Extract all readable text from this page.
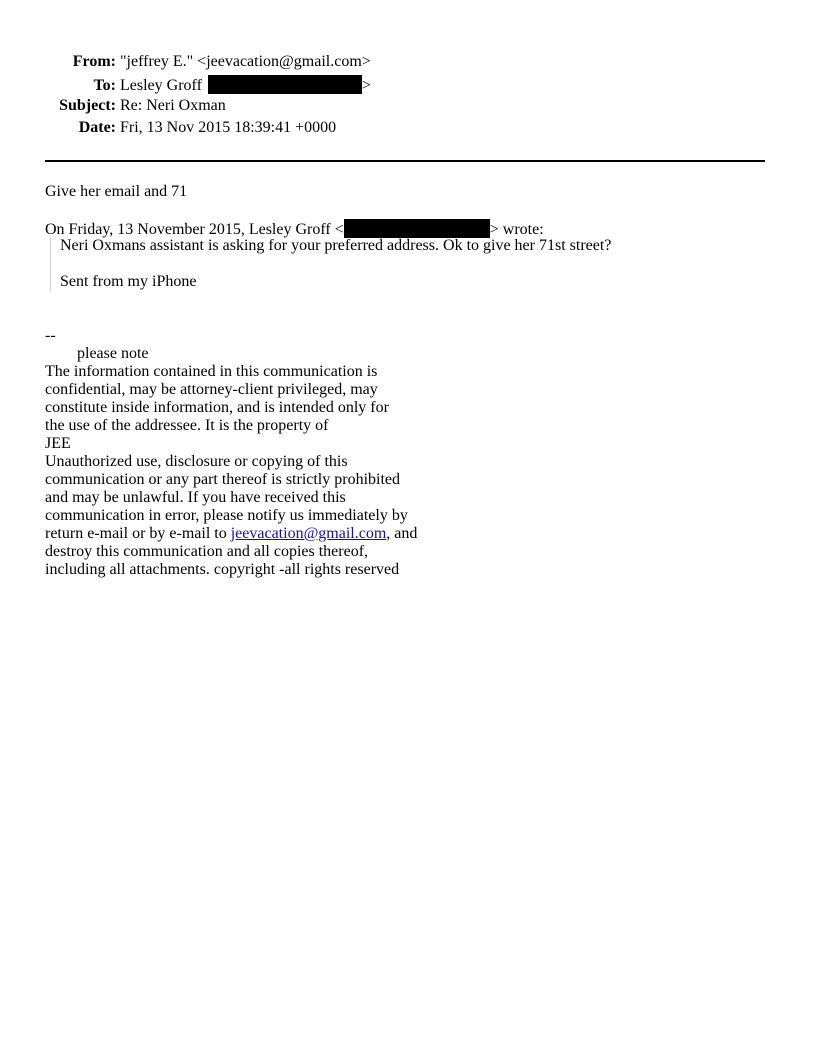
From: "jeffrey E." <jeevacation@gmail.com>
To: Lesley Groff	>
Subject: Re: Neri Oxman
Date: Fri, 13 Nov 2015 18:39:41 +0000
Give her email and 71
On Friday, 13 November 2015, Lesley Groff <	> wrote:
Neri Oxmans assistant is asking for your preferred address. Ok to give her 71st street?
Sent from my iPhone
--
please note
The information contained in this communication is
confidential, may be attorney-client privileged, may
constitute inside information, and is intended only for
the use of the addressee. It is the property of
JEE
Unauthorized use, disclosure or copying of this
communication or any part thereof is strictly prohibited
and may be unlawful. If you have received this
communication in error, please notify us immediately by
return e-mail or by e-mail to jeevacation@gmail.com, and
destroy this communication and all copies thereof,
including all attachments. copyright -all rights reserved
